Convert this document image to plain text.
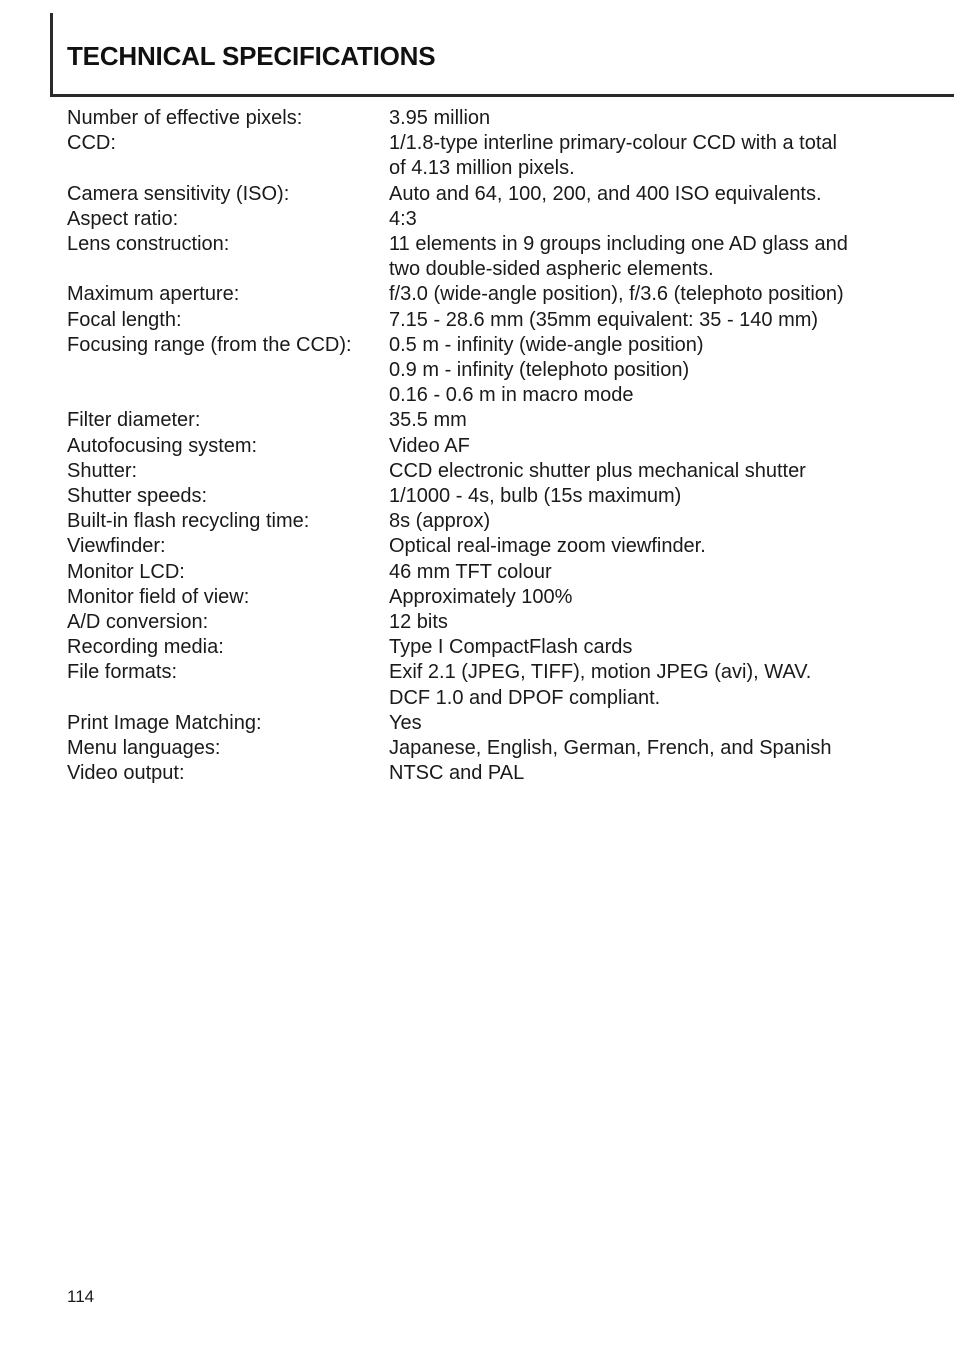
TECHNICAL SPECIFICATIONS
Number of effective pixels:	3.95 million
CCD:	1/1.8-type interline primary-colour CCD with a total
of 4.13 million pixels.
Camera sensitivity (ISO):	Auto and 64, 100, 200, and 400 ISO equivalents.
Aspect ratio:	4:3
Lens construction:	11 elements in 9 groups including one AD glass and
two double-sided aspheric elements.
Maximum aperture:	f/3.0 (wide-angle position), f/3.6 (telephoto position)
Focal length:	7.15 - 28.6 mm (35mm equivalent: 35 - 140 mm)
Focusing range (from the CCD):	0.5 m - infinity (wide-angle position)
0.9 m - infinity (telephoto position)
0.16 - 0.6 m in macro mode
Filter diameter:	35.5 mm
Autofocusing system:	Video AF
Shutter:	CCD electronic shutter plus mechanical shutter
Shutter speeds:	1/1000 - 4s, bulb (15s maximum)
Built-in flash recycling time:	8s (approx)
Viewfinder:	Optical real-image zoom viewfinder.
Monitor LCD:	46 mm TFT colour
Monitor field of view:	Approximately 100%
A/D conversion:	12 bits
Recording media:	Type I CompactFlash cards
File formats:	Exif 2.1 (JPEG, TIFF), motion JPEG (avi), WAV.
DCF 1.0 and DPOF compliant.
Print Image Matching:	Yes
Menu languages:	Japanese, English, German, French, and Spanish
Video output:	NTSC and PAL
114
